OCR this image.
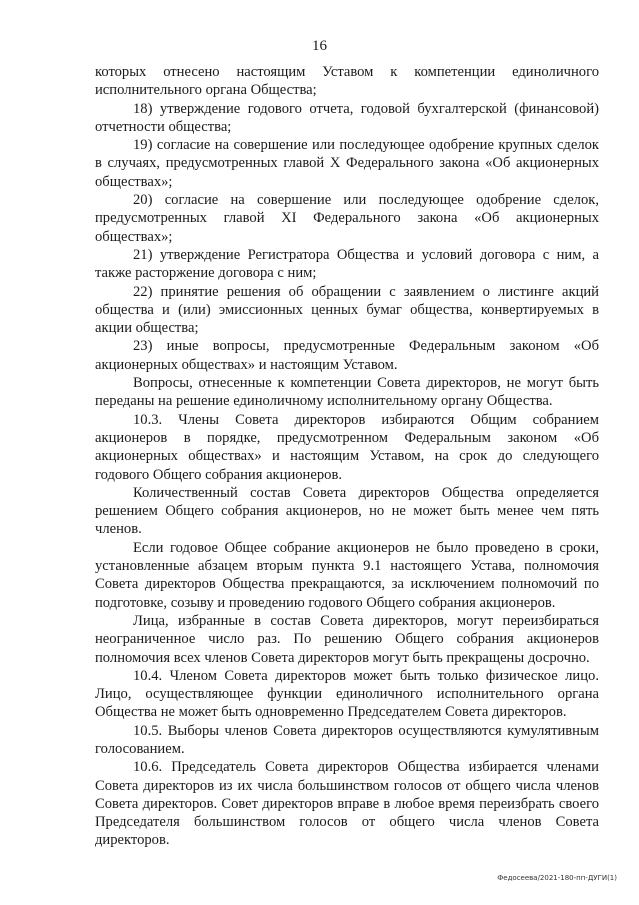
16

которых отнесено настоящим Уставом к компетенции единоличного исполнительного органа Общества;

18) утверждение годового отчета, годовой бухгалтерской (финансовой) отчетности общества;

19) согласие на совершение или последующее одобрение крупных сделок в случаях, предусмотренных главой X Федерального закона «Об акционерных обществах»;

20) согласие на совершение или последующее одобрение сделок, предусмотренных главой XI Федерального закона «Об акционерных обществах»;

21) утверждение Регистратора Общества и условий договора с ним, а также расторжение договора с ним;

22) принятие решения об обращении с заявлением о листинге акций общества и (или) эмиссионных ценных бумаг общества, конвертируемых в акции общества;

23) иные вопросы, предусмотренные Федеральным законом «Об акционерных обществах» и настоящим Уставом.

Вопросы, отнесенные к компетенции Совета директоров, не могут быть переданы на решение единоличному исполнительному органу Общества.

10.3. Члены Совета директоров избираются Общим собранием акционеров в порядке, предусмотренном Федеральным законом «Об акционерных обществах» и настоящим Уставом, на срок до следующего годового Общего собрания акционеров.

Количественный состав Совета директоров Общества определяется решением Общего собрания акционеров, но не может быть менее чем пять членов.

Если годовое Общее собрание акционеров не было проведено в сроки, установленные абзацем вторым пункта 9.1 настоящего Устава, полномочия Совета директоров Общества прекращаются, за исключением полномочий по подготовке, созыву и проведению годового Общего собрания акционеров.

Лица, избранные в состав Совета директоров, могут переизбираться неограниченное число раз. По решению Общего собрания акционеров полномочия всех членов Совета директоров могут быть прекращены досрочно.

10.4. Членом Совета директоров может быть только физическое лицо. Лицо, осуществляющее функции единоличного исполнительного органа Общества не может быть одновременно Председателем Совета директоров.

10.5. Выборы членов Совета директоров осуществляются кумулятивным голосованием.

10.6. Председатель Совета директоров Общества избирается членами Совета директоров из их числа большинством голосов от общего числа членов Совета директоров. Совет директоров вправе в любое время переизбрать своего Председателя большинством голосов от общего числа членов Совета директоров.

Федосеева/2021-180-пп-ДУГИ(1)
